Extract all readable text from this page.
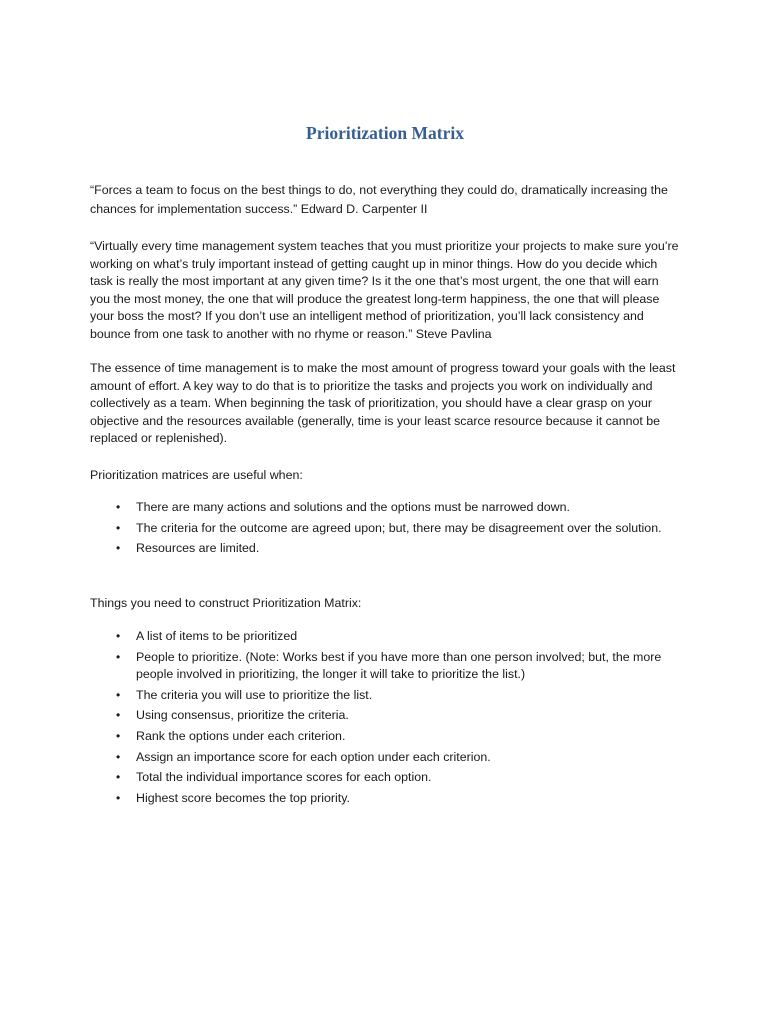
Prioritization Matrix

“Forces a team to focus on the best things to do, not everything they could do, dramatically increasing the chances for implementation success.” Edward D. Carpenter II

“Virtually every time management system teaches that you must prioritize your projects to make sure you’re working on what’s truly important instead of getting caught up in minor things. How do you decide which task is really the most important at any given time? Is it the one that’s most urgent, the one that will earn you the most money, the one that will produce the greatest long-term happiness, the one that will please your boss the most? If you don’t use an intelligent method of prioritization, you’ll lack consistency and bounce from one task to another with no rhyme or reason.” Steve Pavlina

The essence of time management is to make the most amount of progress toward your goals with the least amount of effort. A key way to do that is to prioritize the tasks and projects you work on individually and collectively as a team. When beginning the task of prioritization, you should have a clear grasp on your objective and the resources available (generally, time is your least scarce resource because it cannot be replaced or replenished).

Prioritization matrices are useful when:

• There are many actions and solutions and the options must be narrowed down.
• The criteria for the outcome are agreed upon; but, there may be disagreement over the solution.
• Resources are limited.

Things you need to construct Prioritization Matrix:

• A list of items to be prioritized
• People to prioritize. (Note: Works best if you have more than one person involved; but, the more people involved in prioritizing, the longer it will take to prioritize the list.)
• The criteria you will use to prioritize the list.
• Using consensus, prioritize the criteria.
• Rank the options under each criterion.
• Assign an importance score for each option under each criterion.
• Total the individual importance scores for each option.
• Highest score becomes the top priority.
